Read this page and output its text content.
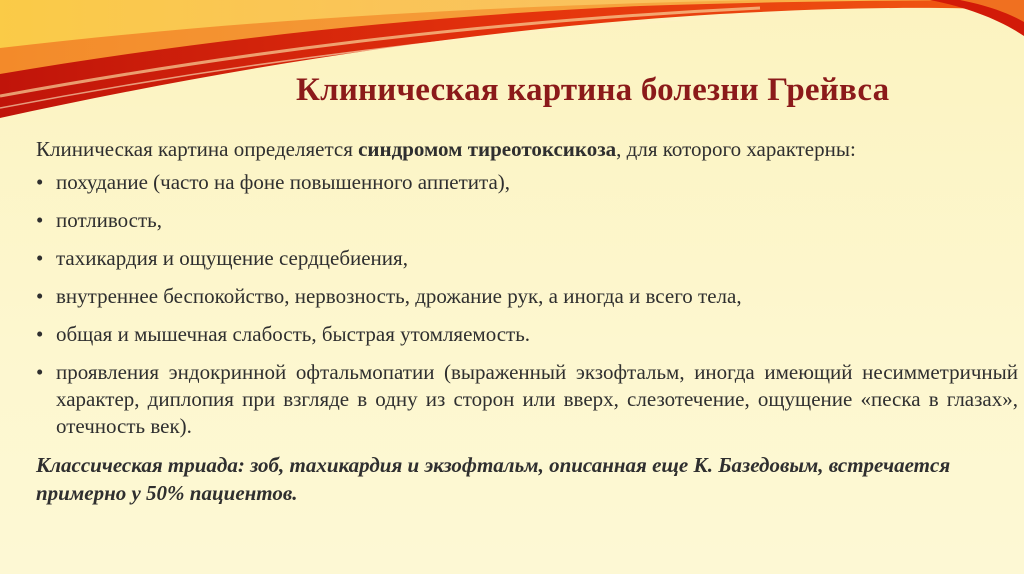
Клиническая картина болезни Грейвса

Клиническая картина определяется синдромом тиреотоксикоза, для которого характерны:

• похудание (часто на фоне повышенного аппетита),
• потливость,
• тахикардия и ощущение сердцебиения,
• внутреннее беспокойство, нервозность, дрожание рук, а иногда и всего тела,
• общая и мышечная слабость, быстрая утомляемость.
• проявления эндокринной офтальмопатии (выраженный экзофтальм, иногда имеющий несимметричный характер, диплопия при взгляде в одну из сторон или вверх, слезотечение, ощущение «песка в глазах», отечность век).

Классическая триада: зоб, тахикардия и экзофтальм, описанная еще К. Базедовым, встречается примерно у 50% пациентов.
